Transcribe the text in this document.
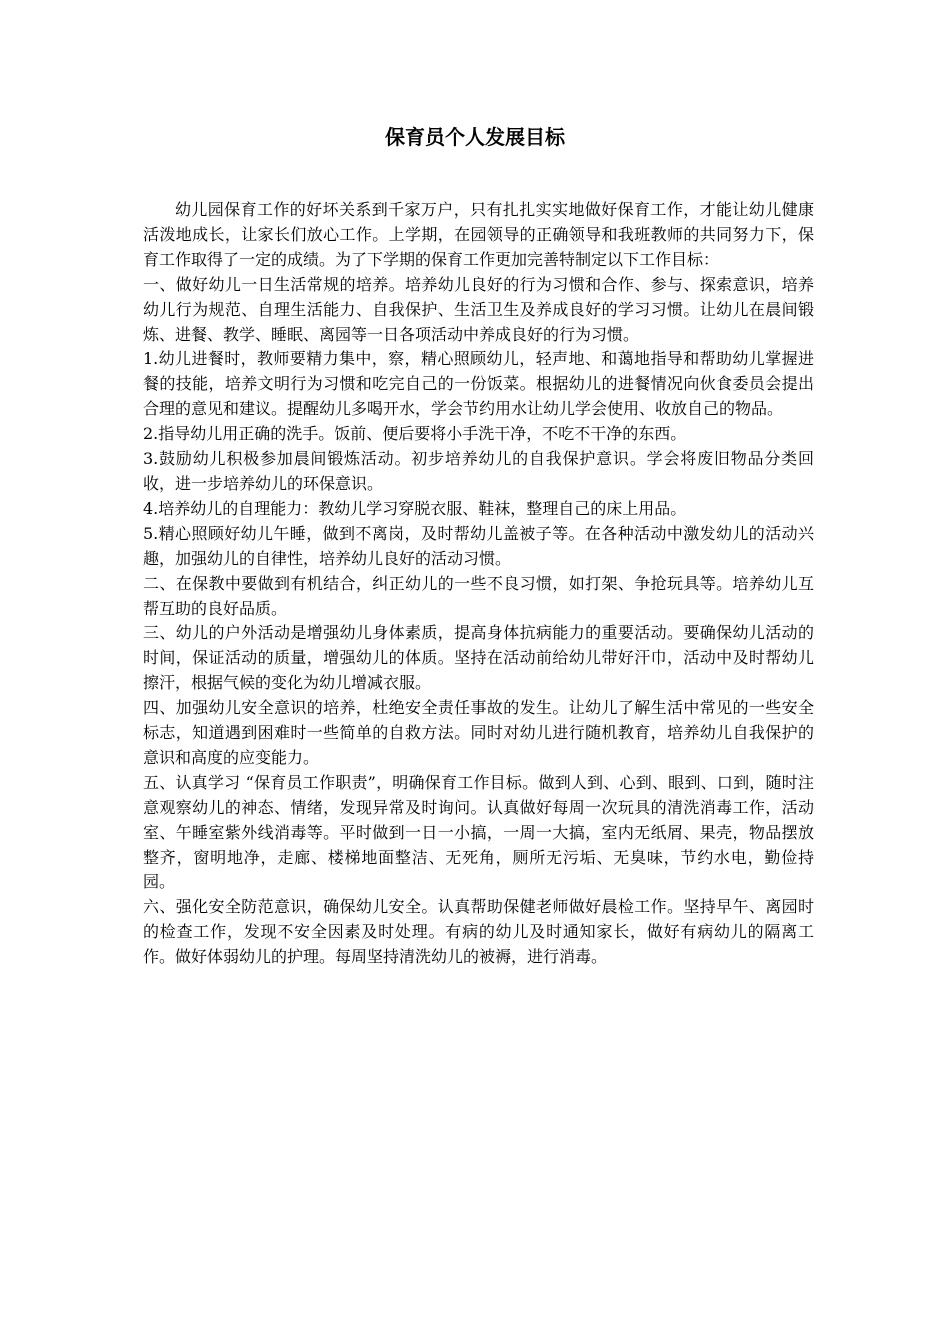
保育员个人发展目标

幼儿园保育工作的好坏关系到千家万户，只有扎扎实实地做好保育工作，才能让幼儿健康活泼地成长，让家长们放心工作。上学期，在园领导的正确领导和我班教师的共同努力下，保育工作取得了一定的成绩。为了下学期的保育工作更加完善特制定以下工作目标：

一、做好幼儿一日生活常规的培养。培养幼儿良好的行为习惯和合作、参与、探索意识，培养幼儿行为规范、自理生活能力、自我保护、生活卫生及养成良好的学习习惯。让幼儿在晨间锻炼、进餐、教学、睡眠、离园等一日各项活动中养成良好的行为习惯。

1.幼儿进餐时，教师要精力集中，察，精心照顾幼儿，轻声地、和蔼地指导和帮助幼儿掌握进餐的技能，培养文明行为习惯和吃完自己的一份饭菜。根据幼儿的进餐情况向伙食委员会提出合理的意见和建议。提醒幼儿多喝开水，学会节约用水让幼儿学会使用、收放自己的物品。

2.指导幼儿用正确的洗手。饭前、便后要将小手洗干净，不吃不干净的东西。

3.鼓励幼儿积极参加晨间锻炼活动。初步培养幼儿的自我保护意识。学会将废旧物品分类回收，进一步培养幼儿的环保意识。

4.培养幼儿的自理能力：教幼儿学习穿脱衣服、鞋袜，整理自己的床上用品。

5.精心照顾好幼儿午睡，做到不离岗，及时帮幼儿盖被子等。在各种活动中激发幼儿的活动兴趣，加强幼儿的自律性，培养幼儿良好的活动习惯。

二、在保教中要做到有机结合，纠正幼儿的一些不良习惯，如打架、争抢玩具等。培养幼儿互帮互助的良好品质。

三、幼儿的户外活动是增强幼儿身体素质，提高身体抗病能力的重要活动。要确保幼儿活动的时间，保证活动的质量，增强幼儿的体质。坚持在活动前给幼儿带好汗巾，活动中及时帮幼儿擦汗，根据气候的变化为幼儿增减衣服。

四、加强幼儿安全意识的培养，杜绝安全责任事故的发生。让幼儿了解生活中常见的一些安全标志，知道遇到困难时一些简单的自救方法。同时对幼儿进行随机教育，培养幼儿自我保护的意识和高度的应变能力。

五、认真学习 “保育员工作职责”，明确保育工作目标。做到人到、心到、眼到、口到，随时注意观察幼儿的神态、情绪，发现异常及时询问。认真做好每周一次玩具的清洗消毒工作，活动室、午睡室紫外线消毒等。平时做到一日一小搞，一周一大搞，室内无纸屑、果壳，物品摆放整齐，窗明地净，走廊、楼梯地面整洁、无死角，厕所无污垢、无臭味，节约水电，勤俭持园。

六、强化安全防范意识，确保幼儿安全。认真帮助保健老师做好晨检工作。坚持早午、离园时的检查工作，发现不安全因素及时处理。有病的幼儿及时通知家长，做好有病幼儿的隔离工作。做好体弱幼儿的护理。每周坚持清洗幼儿的被褥，进行消毒。
